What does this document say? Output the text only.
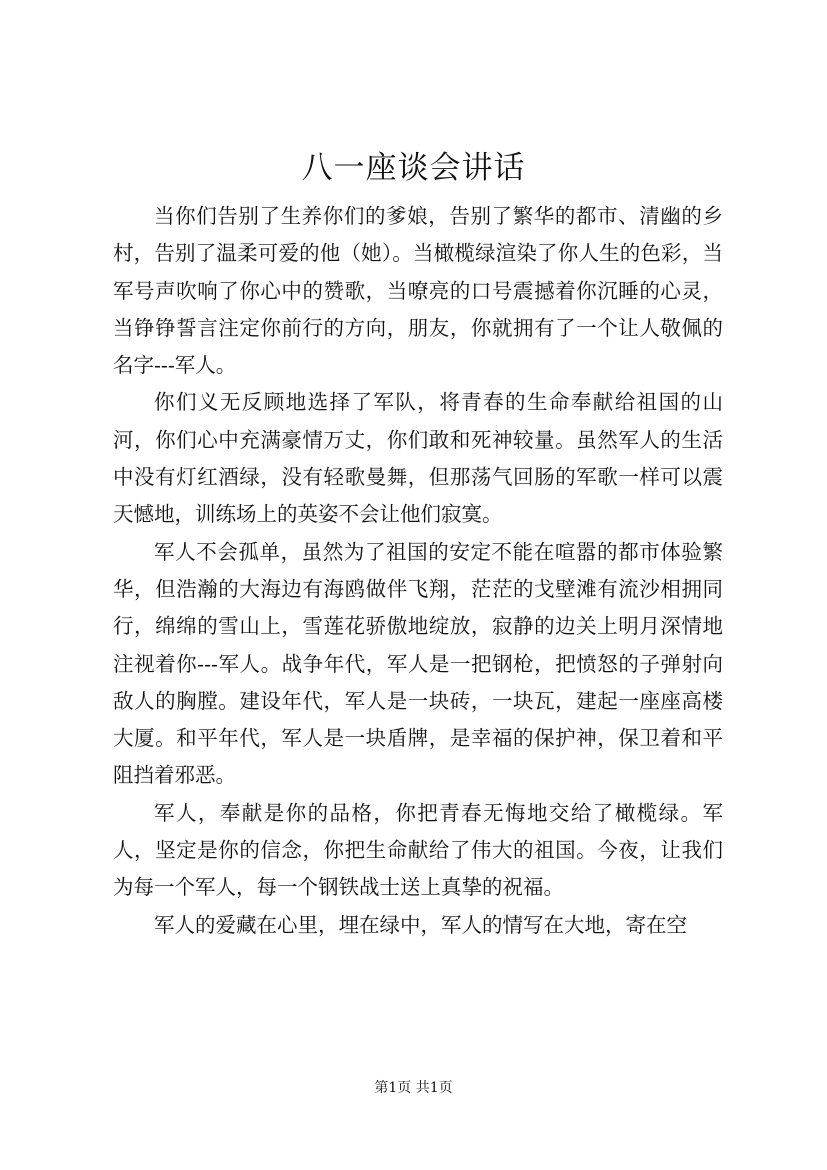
八一座谈会讲话

当你们告别了生养你们的爹娘，告别了繁华的都市、清幽的乡村，告别了温柔可爱的他（她）。当橄榄绿渲染了你人生的色彩，当军号声吹响了你心中的赞歌，当嘹亮的口号震撼着你沉睡的心灵，当铮铮誓言注定你前行的方向，朋友，你就拥有了一个让人敬佩的名字---军人。

你们义无反顾地选择了军队，将青春的生命奉献给祖国的山河，你们心中充满豪情万丈，你们敢和死神较量。虽然军人的生活中没有灯红酒绿，没有轻歌曼舞，但那荡气回肠的军歌一样可以震天憾地，训练场上的英姿不会让他们寂寞。

军人不会孤单，虽然为了祖国的安定不能在喧嚣的都市体验繁华，但浩瀚的大海边有海鸥做伴飞翔，茫茫的戈壁滩有流沙相拥同行，绵绵的雪山上，雪莲花骄傲地绽放，寂静的边关上明月深情地注视着你---军人。战争年代，军人是一把钢枪，把愤怒的子弹射向敌人的胸膛。建设年代，军人是一块砖，一块瓦，建起一座座高楼大厦。和平年代，军人是一块盾牌，是幸福的保护神，保卫着和平阻挡着邪恶。

军人，奉献是你的品格，你把青春无悔地交给了橄榄绿。军人，坚定是你的信念，你把生命献给了伟大的祖国。今夜，让我们为每一个军人，每一个钢铁战士送上真挚的祝福。

军人的爱藏在心里，埋在绿中，军人的情写在大地，寄在空

第1页 共1页
